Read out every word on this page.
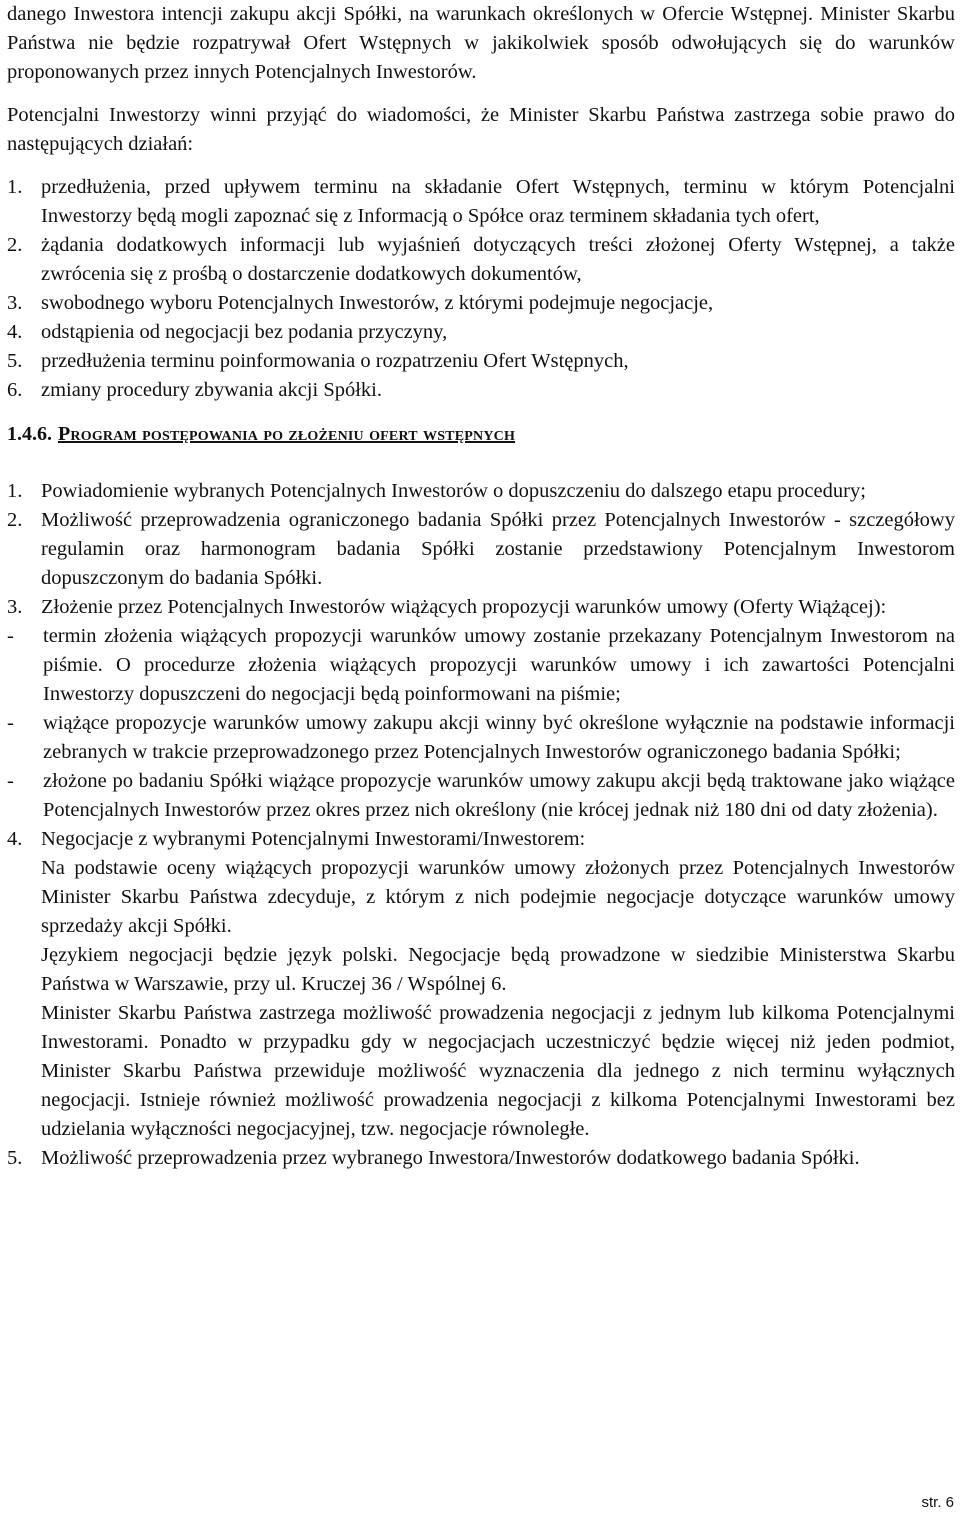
danego Inwestora intencji zakupu akcji Spółki, na warunkach określonych w Ofercie Wstępnej. Minister Skarbu Państwa nie będzie rozpatrywał Ofert Wstępnych w jakikolwiek sposób odwołujących się do warunków proponowanych przez innych Potencjalnych Inwestorów.

Potencjalni Inwestorzy winni przyjąć do wiadomości, że Minister Skarbu Państwa zastrzega sobie prawo do następujących działań:

1. przedłużenia, przed upływem terminu na składanie Ofert Wstępnych, terminu w którym Potencjalni Inwestorzy będą mogli zapoznać się z Informacją o Spółce oraz terminem składania tych ofert,
2. żądania dodatkowych informacji lub wyjaśnień dotyczących treści złożonej Oferty Wstępnej, a także zwrócenia się z prośbą o dostarczenie dodatkowych dokumentów,
3. swobodnego wyboru Potencjalnych Inwestorów, z którymi podejmuje negocjacje,
4. odstąpienia od negocjacji bez podania przyczyny,
5. przedłużenia terminu poinformowania o rozpatrzeniu Ofert Wstępnych,
6. zmiany procedury zbywania akcji Spółki.
1.4.6. Program postępowania po złożeniu ofert wstępnych
1. Powiadomienie wybranych Potencjalnych Inwestorów o dopuszczeniu do dalszego etapu procedury;
2. Możliwość przeprowadzenia ograniczonego badania Spółki przez Potencjalnych Inwestorów - szczegółowy regulamin oraz harmonogram badania Spółki zostanie przedstawiony Potencjalnym Inwestorom dopuszczonym do badania Spółki.
3. Złożenie przez Potencjalnych Inwestorów wiążących propozycji warunków umowy (Oferty Wiążącej):
-	termin złożenia wiążących propozycji warunków umowy zostanie przekazany Potencjalnym Inwestorom na piśmie. O procedurze złożenia wiążących propozycji warunków umowy i ich zawartości Potencjalni Inwestorzy dopuszczeni do negocjacji będą poinformowani na piśmie;
-	wiążące propozycje warunków umowy zakupu akcji winny być określone wyłącznie na podstawie informacji zebranych w trakcie przeprowadzonego przez Potencjalnych Inwestorów ograniczonego badania Spółki;
-	złożone po badaniu Spółki wiążące propozycje warunków umowy zakupu akcji będą traktowane jako wiążące Potencjalnych Inwestorów przez okres przez nich określony (nie krócej jednak niż 180 dni od daty złożenia).
4. Negocjacje z wybranymi Potencjalnymi Inwestorami/Inwestorem:

Na podstawie oceny wiążących propozycji warunków umowy złożonych przez Potencjalnych Inwestorów Minister Skarbu Państwa zdecyduje, z którym z nich podejmie negocjacje dotyczące warunków umowy sprzedaży akcji Spółki.

Językiem negocjacji będzie język polski. Negocjacje będą prowadzone w siedzibie Ministerstwa Skarbu Państwa w Warszawie, przy ul. Kruczej 36 / Wspólnej 6.

Minister Skarbu Państwa zastrzega możliwość prowadzenia negocjacji z jednym lub kilkoma Potencjalnymi Inwestorami. Ponadto w przypadku gdy w negocjacjach uczestniczyć będzie więcej niż jeden podmiot, Minister Skarbu Państwa przewiduje możliwość wyznaczenia dla jednego z nich terminu wyłącznych negocjacji. Istnieje również możliwość prowadzenia negocjacji z kilkoma Potencjalnymi Inwestorami bez udzielania wyłączności negocjacyjnej, tzw. negocjacje równoległe.

5. Możliwość przeprowadzenia przez wybranego Inwestora/Inwestorów dodatkowego badania Spółki.
str. 6
